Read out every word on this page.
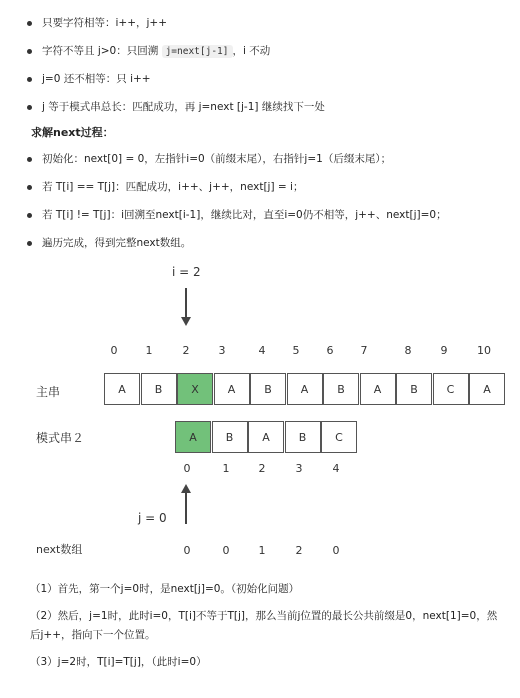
只要字符相等：i++，j++
字符不等且 j>0：只回溯 j=next[j-1] ，i 不动
j=0 还不相等：只 i++
j 等于模式串总长：匹配成功，再 j=next [j-1] 继续找下一处
求解next过程：
初始化：next[0] = 0，左指针i=0（前缀末尾），右指针j=1（后缀末尾）；
若 T[i] == T[j]：匹配成功，i++、j++，next[j] = i；
若 T[i] != T[j]：i回溯至next[i-1]，继续比对，直至i=0仍不相等，j++、next[j]=0；
遍历完成，得到完整next数组。
i = 2
0	1	2	3	4	5	6	7	8	9	10
主串	A	B	X	A	B	A	B	A	B	C	A
模式串２	A	B	A	B	C
0	1	2	3	4
j = 0
next数组	0	0	1	2	0
（1）首先，第一个j=0时，是next[j]=0。（初始化问题）
（2）然后，j=1时，此时i=0，T[i]不等于T[j]，那么当前j位置的最长公共前缀是0，next[1]=0，然后j++，指向下一个位置。
（3）j=2时，T[i]=T[j]，（此时i=0）
